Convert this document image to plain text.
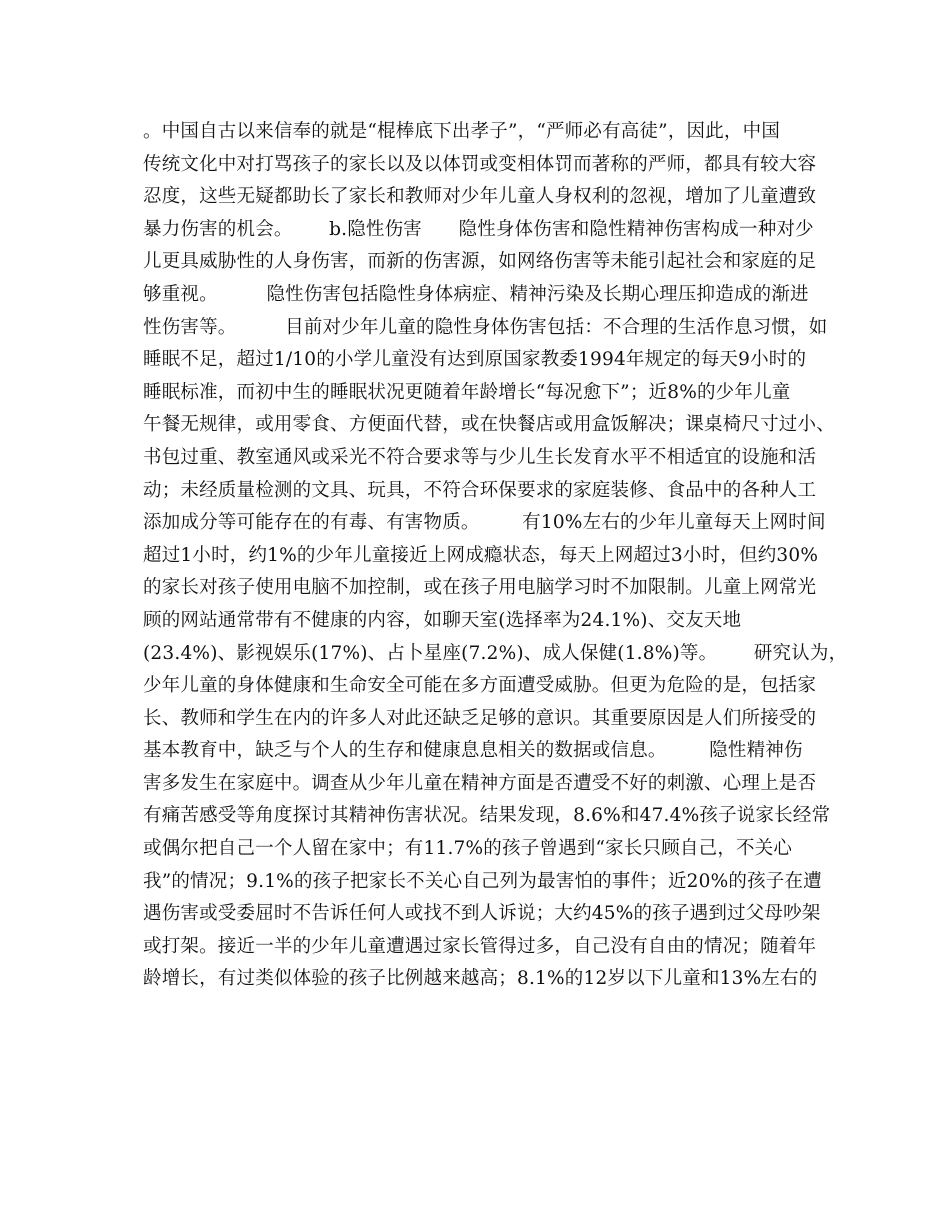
。中国自古以来信奉的就是“棍棒底下出孝子”，“严师必有高徒”，因此，中国
传统文化中对打骂孩子的家长以及以体罚或变相体罚而著称的严师，都具有较大容
忍度，这些无疑都助长了家长和教师对少年儿童人身权利的忽视，增加了儿童遭致
暴力伤害的机会。      b.隐性伤害      隐性身体伤害和隐性精神伤害构成一种对少
儿更具威胁性的人身伤害，而新的伤害源，如网络伤害等未能引起社会和家庭的足
够重视。        隐性伤害包括隐性身体病症、精神污染及长期心理压抑造成的渐进
性伤害等。        目前对少年儿童的隐性身体伤害包括：不合理的生活作息习惯，如
睡眠不足，超过1/10的小学儿童没有达到原国家教委1994年规定的每天9小时的
睡眠标准，而初中生的睡眠状况更随着年龄增长“每况愈下”；近8%的少年儿童
午餐无规律，或用零食、方便面代替，或在快餐店或用盒饭解决；课桌椅尺寸过小、
书包过重、教室通风或采光不符合要求等与少儿生长发育水平不相适宜的设施和活
动；未经质量检测的文具、玩具，不符合环保要求的家庭装修、食品中的各种人工
添加成分等可能存在的有毒、有害物质。       有10%左右的少年儿童每天上网时间
超过1小时，约1%的少年儿童接近上网成瘾状态，每天上网超过3小时，但约30%
的家长对孩子使用电脑不加控制，或在孩子用电脑学习时不加限制。儿童上网常光
顾的网站通常带有不健康的内容，如聊天室(选择率为24.1%)、交友天地
(23.4%)、影视娱乐(17%)、占卜星座(7.2%)、成人保健(1.8%)等。      研究认为，
少年儿童的身体健康和生命安全可能在多方面遭受威胁。但更为危险的是，包括家
长、教师和学生在内的许多人对此还缺乏足够的意识。其重要原因是人们所接受的
基本教育中，缺乏与个人的生存和健康息息相关的数据或信息。       隐性精神伤
害多发生在家庭中。调查从少年儿童在精神方面是否遭受不好的刺激、心理上是否
有痛苦感受等角度探讨其精神伤害状况。结果发现，8.6%和47.4%孩子说家长经常
或偶尔把自己一个人留在家中；有11.7%的孩子曾遇到“家长只顾自己，不关心
我”的情况；9.1%的孩子把家长不关心自己列为最害怕的事件；近20%的孩子在遭
遇伤害或受委屈时不告诉任何人或找不到人诉说；大约45%的孩子遇到过父母吵架
或打架。接近一半的少年儿童遭遇过家长管得过多，自己没有自由的情况；随着年
龄增长，有过类似体验的孩子比例越来越高；8.1%的12岁以下儿童和13%左右的
